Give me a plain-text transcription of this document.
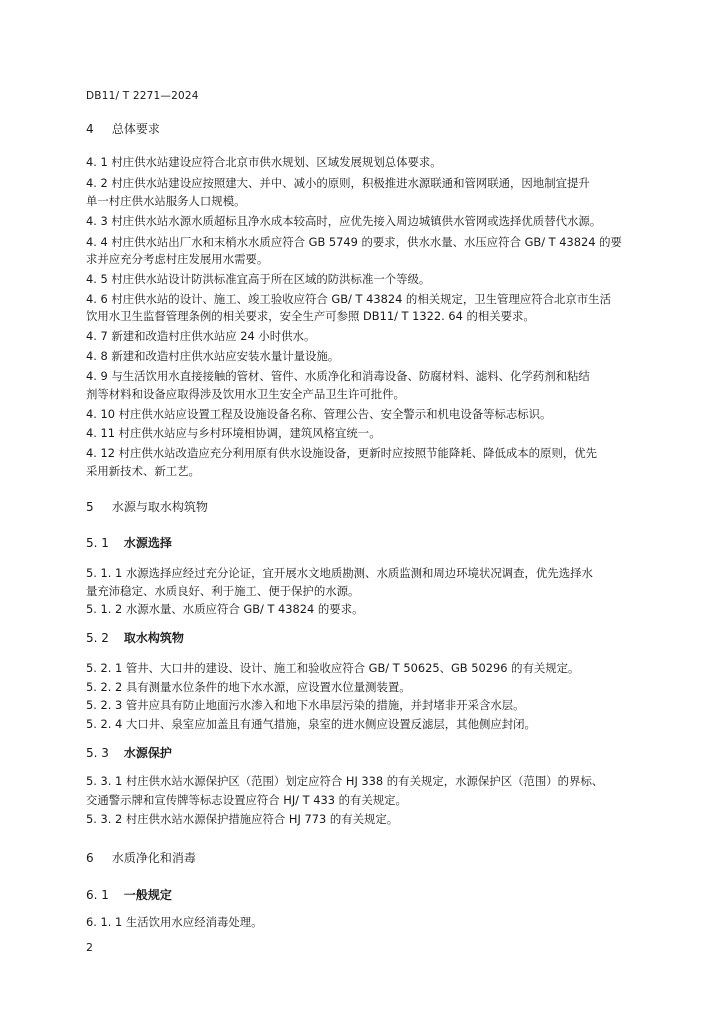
DB11/ T 2271—2024
4 总体要求
4. 1 村庄供水站建设应符合北京市供水规划、区域发展规划总体要求。
4. 2 村庄供水站建设应按照建大、并中、减小的原则，积极推进水源联通和管网联通，因地制宜提升
单一村庄供水站服务人口规模。
4. 3 村庄供水站水源水质超标且净水成本较高时，应优先接入周边城镇供水管网或选择优质替代水源。
4. 4 村庄供水站出厂水和末梢水水质应符合 GB 5749 的要求，供水水量、水压应符合 GB/ T 43824 的要
求并应充分考虑村庄发展用水需要。
4. 5 村庄供水站设计防洪标准宜高于所在区域的防洪标准一个等级。
4. 6 村庄供水站的设计、施工、竣工验收应符合 GB/ T 43824 的相关规定，卫生管理应符合北京市生活
饮用水卫生监督管理条例的相关要求，安全生产可参照 DB11/ T 1322. 64 的相关要求。
4. 7 新建和改造村庄供水站应 24 小时供水。
4. 8 新建和改造村庄供水站应安装水量计量设施。
4. 9 与生活饮用水直接接触的管材、管件、水质净化和消毒设备、防腐材料、滤料、化学药剂和粘结
剂等材料和设备应取得涉及饮用水卫生安全产品卫生许可批件。
4. 10 村庄供水站应设置工程及设施设备名称、管理公告、安全警示和机电设备等标志标识。
4. 11 村庄供水站应与乡村环境相协调，建筑风格宜统一。
4. 12 村庄供水站改造应充分利用原有供水设施设备，更新时应按照节能降耗、降低成本的原则，优先
采用新技术、新工艺。
5 水源与取水构筑物
5. 1 水源选择
5. 1. 1 水源选择应经过充分论证，宜开展水文地质勘测、水质监测和周边环境状况调查，优先选择水
量充沛稳定、水质良好、利于施工、便于保护的水源。
5. 1. 2 水源水量、水质应符合 GB/ T 43824 的要求。
5. 2 取水构筑物
5. 2. 1 管井、大口井的建设、设计、施工和验收应符合 GB/ T 50625、GB 50296 的有关规定。
5. 2. 2 具有测量水位条件的地下水水源，应设置水位量测装置。
5. 2. 3 管井应具有防止地面污水渗入和地下水串层污染的措施，并封堵非开采含水层。
5. 2. 4 大口井、泉室应加盖且有通气措施，泉室的进水侧应设置反滤层，其他侧应封闭。
5. 3 水源保护
5. 3. 1 村庄供水站水源保护区（范围）划定应符合 HJ 338 的有关规定，水源保护区（范围）的界标、
交通警示牌和宣传牌等标志设置应符合 HJ/ T 433 的有关规定。
5. 3. 2 村庄供水站水源保护措施应符合 HJ 773 的有关规定。
6 水质净化和消毒
6. 1 一般规定
6. 1. 1 生活饮用水应经消毒处理。
2
